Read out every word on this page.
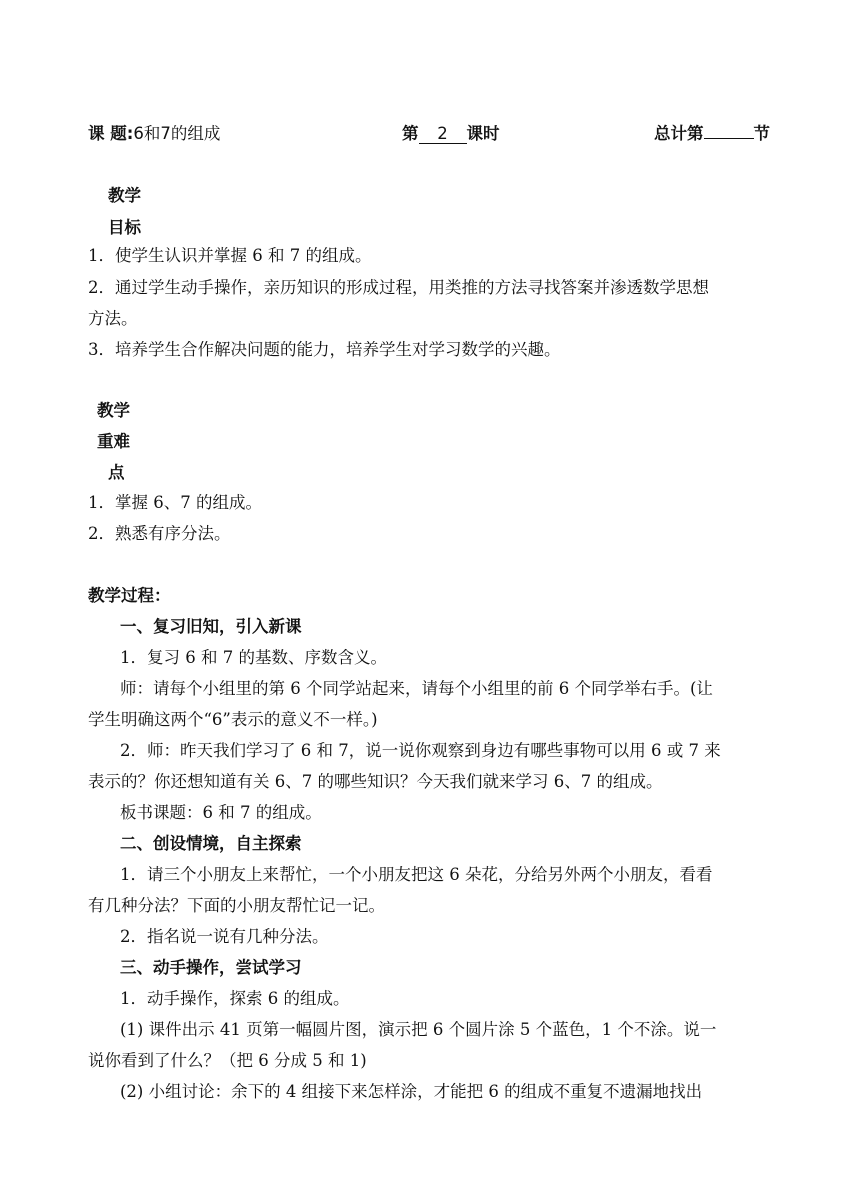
课 题:6和7的组成	第 2 课时	总计第	节
教学
目标
1．使学生认识并掌握 6 和 7 的组成。
2．通过学生动手操作，亲历知识的形成过程，用类推的方法寻找答案并渗透数学思想
方法。
3．培养学生合作解决问题的能力，培养学生对学习数学的兴趣。
教学
重难
点
1．掌握 6、7 的组成。
2．熟悉有序分法。
教学过程：
一、复习旧知，引入新课
1．复习 6 和 7 的基数、序数含义。
师：请每个小组里的第 6 个同学站起来，请每个小组里的前 6 个同学举右手。(让
学生明确这两个“6”表示的意义不一样。)
2．师：昨天我们学习了 6 和 7，说一说你观察到身边有哪些事物可以用 6 或 7 来
表示的？你还想知道有关 6、7 的哪些知识？今天我们就来学习 6、7 的组成。
板书课题：6 和 7 的组成。
二、创设情境，自主探索
1．请三个小朋友上来帮忙，一个小朋友把这 6 朵花，分给另外两个小朋友，看看
有几种分法？下面的小朋友帮忙记一记。
2．指名说一说有几种分法。
三、动手操作，尝试学习
1．动手操作，探索 6 的组成。
(1) 课件出示 41 页第一幅圆片图，演示把 6 个圆片涂 5 个蓝色，1 个不涂。说一
说你看到了什么？（把 6 分成 5 和 1)
(2) 小组讨论：余下的 4 组接下来怎样涂，才能把 6 的组成不重复不遗漏地找出
